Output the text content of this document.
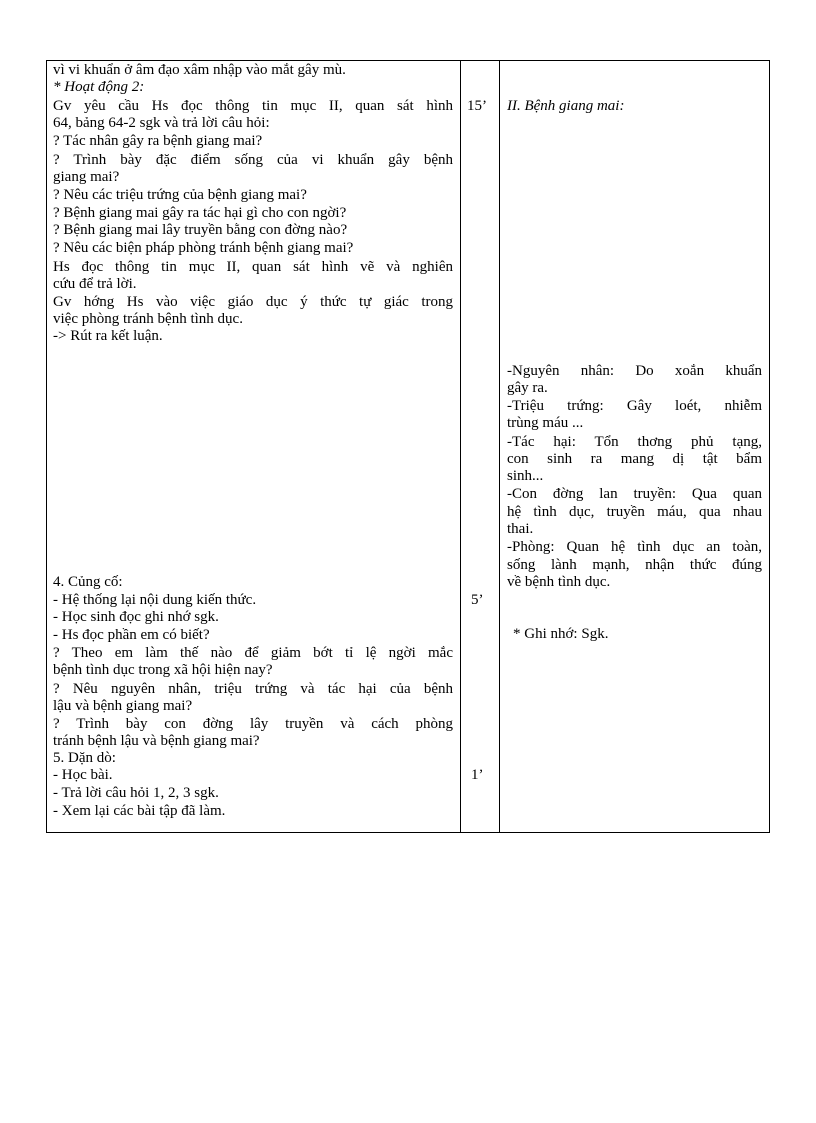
vì vi khuẩn ở âm đạo xâm nhập vào mắt gây mù.
* Hoạt động 2:
Gv yêu cầu Hs đọc thông tin mục II, quan sát hình
64, bảng 64-2 sgk và trả lời câu hỏi:
? Tác nhân gây ra bệnh giang mai?
? Trình bày đặc điểm sống của vi khuẩn gây bệnh
giang mai?
? Nêu các triệu trứng của bệnh giang mai?
? Bệnh giang mai gây ra tác hại gì cho con ngời?
? Bệnh giang mai lây truyền bằng con đờng nào?
? Nêu các biện pháp phòng tránh bệnh giang mai?
Hs đọc thông tin mục II, quan sát hình vẽ và nghiên
cứu để trả lời.
Gv hớng Hs vào việc giáo dục ý thức tự giác trong
việc phòng tránh bệnh tình dục.
-> Rút ra kết luận.
4. Củng cố:
- Hệ thống lại nội dung kiến thức.
- Học sinh đọc ghi nhớ sgk.
- Hs đọc phần em có biết?
? Theo em làm thế nào để giảm bớt tỉ lệ ngời mắc
bệnh tình dục trong xã hội hiện nay?
? Nêu nguyên nhân, triệu trứng và tác hại của bệnh
lậu và bệnh giang mai?
? Trình bày con đờng lây truyền và cách phòng
tránh bệnh lậu và bệnh giang mai?
5. Dặn dò:
- Học bài.
- Trả lời câu hỏi 1, 2, 3 sgk.
- Xem lại các bài tập đã làm.
15’
5’
1’
II. Bệnh giang mai:
-Nguyên nhân: Do xoắn khuẩn
gây ra.
-Triệu trứng: Gây loét, nhiễm
trùng máu ...
-Tác hại: Tổn thơng phủ tạng,
con sinh ra mang dị tật bẩm
sinh...
-Con đờng lan truyền: Qua quan
hệ tình dục, truyền máu, qua nhau
thai.
-Phòng: Quan hệ tình dục an toàn,
sống lành mạnh, nhận thức đúng
về bệnh tình dục.
* Ghi nhớ: Sgk.
